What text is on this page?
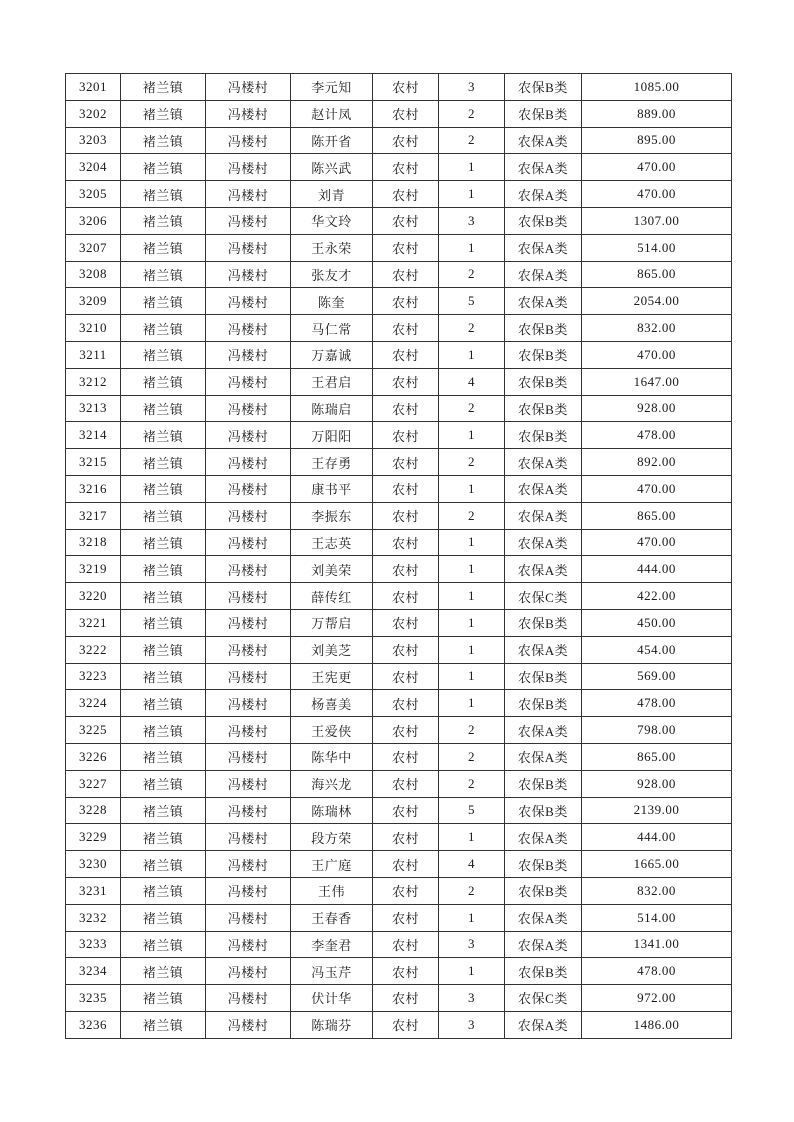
3201	褚兰镇	冯楼村	李元知	农村	3	农保B类	1085.00
3202	褚兰镇	冯楼村	赵计凤	农村	2	农保B类	889.00
3203	褚兰镇	冯楼村	陈开省	农村	2	农保A类	895.00
3204	褚兰镇	冯楼村	陈兴武	农村	1	农保A类	470.00
3205	褚兰镇	冯楼村	刘青	农村	1	农保A类	470.00
3206	褚兰镇	冯楼村	华文玲	农村	3	农保B类	1307.00
3207	褚兰镇	冯楼村	王永荣	农村	1	农保A类	514.00
3208	褚兰镇	冯楼村	张友才	农村	2	农保A类	865.00
3209	褚兰镇	冯楼村	陈奎	农村	5	农保A类	2054.00
3210	褚兰镇	冯楼村	马仁常	农村	2	农保B类	832.00
3211	褚兰镇	冯楼村	万嘉诚	农村	1	农保B类	470.00
3212	褚兰镇	冯楼村	王君启	农村	4	农保B类	1647.00
3213	褚兰镇	冯楼村	陈瑞启	农村	2	农保B类	928.00
3214	褚兰镇	冯楼村	万阳阳	农村	1	农保B类	478.00
3215	褚兰镇	冯楼村	王存勇	农村	2	农保A类	892.00
3216	褚兰镇	冯楼村	康书平	农村	1	农保A类	470.00
3217	褚兰镇	冯楼村	李振东	农村	2	农保A类	865.00
3218	褚兰镇	冯楼村	王志英	农村	1	农保A类	470.00
3219	褚兰镇	冯楼村	刘美荣	农村	1	农保A类	444.00
3220	褚兰镇	冯楼村	薛传红	农村	1	农保C类	422.00
3221	褚兰镇	冯楼村	万帮启	农村	1	农保B类	450.00
3222	褚兰镇	冯楼村	刘美芝	农村	1	农保A类	454.00
3223	褚兰镇	冯楼村	王宪更	农村	1	农保B类	569.00
3224	褚兰镇	冯楼村	杨喜美	农村	1	农保B类	478.00
3225	褚兰镇	冯楼村	王爱侠	农村	2	农保A类	798.00
3226	褚兰镇	冯楼村	陈华中	农村	2	农保A类	865.00
3227	褚兰镇	冯楼村	海兴龙	农村	2	农保B类	928.00
3228	褚兰镇	冯楼村	陈瑞林	农村	5	农保B类	2139.00
3229	褚兰镇	冯楼村	段方荣	农村	1	农保A类	444.00
3230	褚兰镇	冯楼村	王广庭	农村	4	农保B类	1665.00
3231	褚兰镇	冯楼村	王伟	农村	2	农保B类	832.00
3232	褚兰镇	冯楼村	王春香	农村	1	农保A类	514.00
3233	褚兰镇	冯楼村	李奎君	农村	3	农保A类	1341.00
3234	褚兰镇	冯楼村	冯玉芹	农村	1	农保B类	478.00
3235	褚兰镇	冯楼村	伏计华	农村	3	农保C类	972.00
3236	褚兰镇	冯楼村	陈瑞芬	农村	3	农保A类	1486.00
